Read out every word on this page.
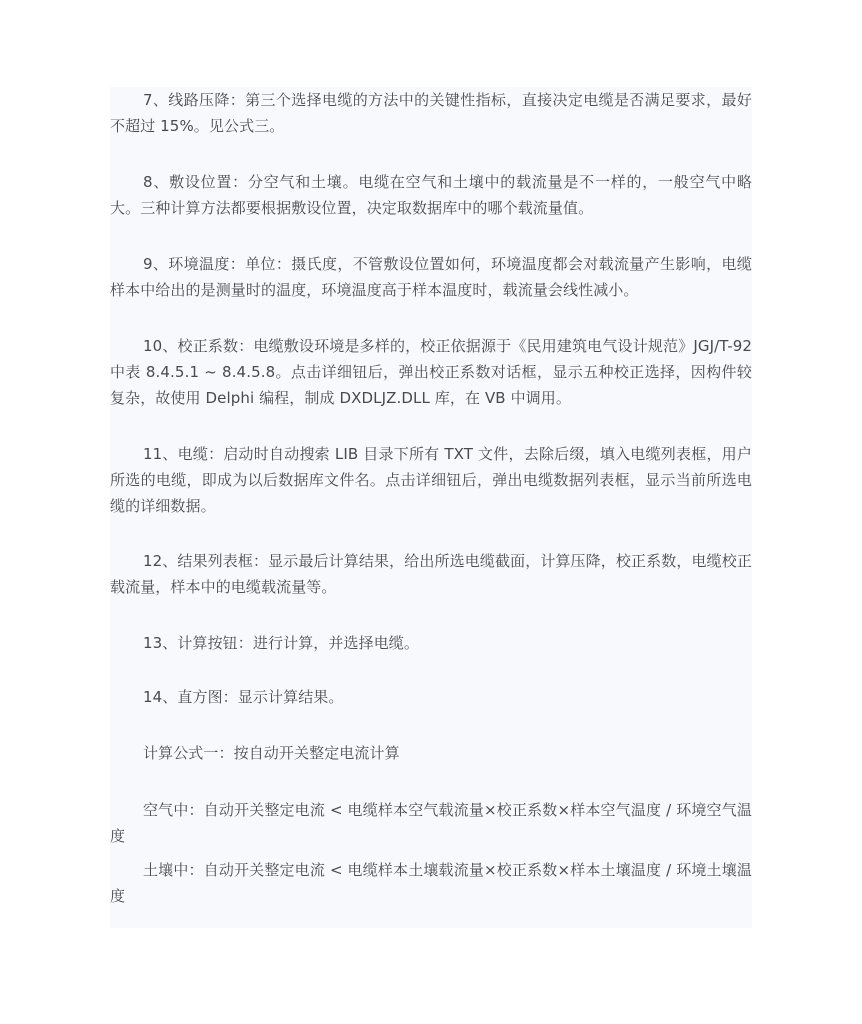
7、线路压降：第三个选择电缆的方法中的关键性指标，直接决定电缆是否满足要求，最好不超过 15%。见公式三。

8、敷设位置：分空气和土壤。电缆在空气和土壤中的载流量是不一样的，一般空气中略大。三种计算方法都要根据敷设位置，决定取数据库中的哪个载流量值。

9、环境温度：单位：摄氏度，不管敷设位置如何，环境温度都会对载流量产生影响，电缆样本中给出的是测量时的温度，环境温度高于样本温度时，载流量会线性减小。

10、校正系数：电缆敷设环境是多样的，校正依据源于《民用建筑电气设计规范》JGJ/T-92 中表 8.4.5.1 ~ 8.4.5.8。点击详细钮后，弹出校正系数对话框，显示五种校正选择，因构件较复杂，故使用 Delphi 编程，制成 DXDLJZ.DLL 库，在 VB 中调用。

11、电缆：启动时自动搜索 LIB 目录下所有 TXT 文件，去除后缀，填入电缆列表框，用户所选的电缆，即成为以后数据库文件名。点击详细钮后，弹出电缆数据列表框，显示当前所选电缆的详细数据。

12、结果列表框：显示最后计算结果，给出所选电缆截面，计算压降，校正系数，电缆校正载流量，样本中的电缆载流量等。

13、计算按钮：进行计算，并选择电缆。

14、直方图：显示计算结果。

计算公式一：按自动开关整定电流计算

空气中：自动开关整定电流 < 电缆样本空气载流量×校正系数×样本空气温度 / 环境空气温度

土壤中：自动开关整定电流 < 电缆样本土壤载流量×校正系数×样本土壤温度 / 环境土壤温度
